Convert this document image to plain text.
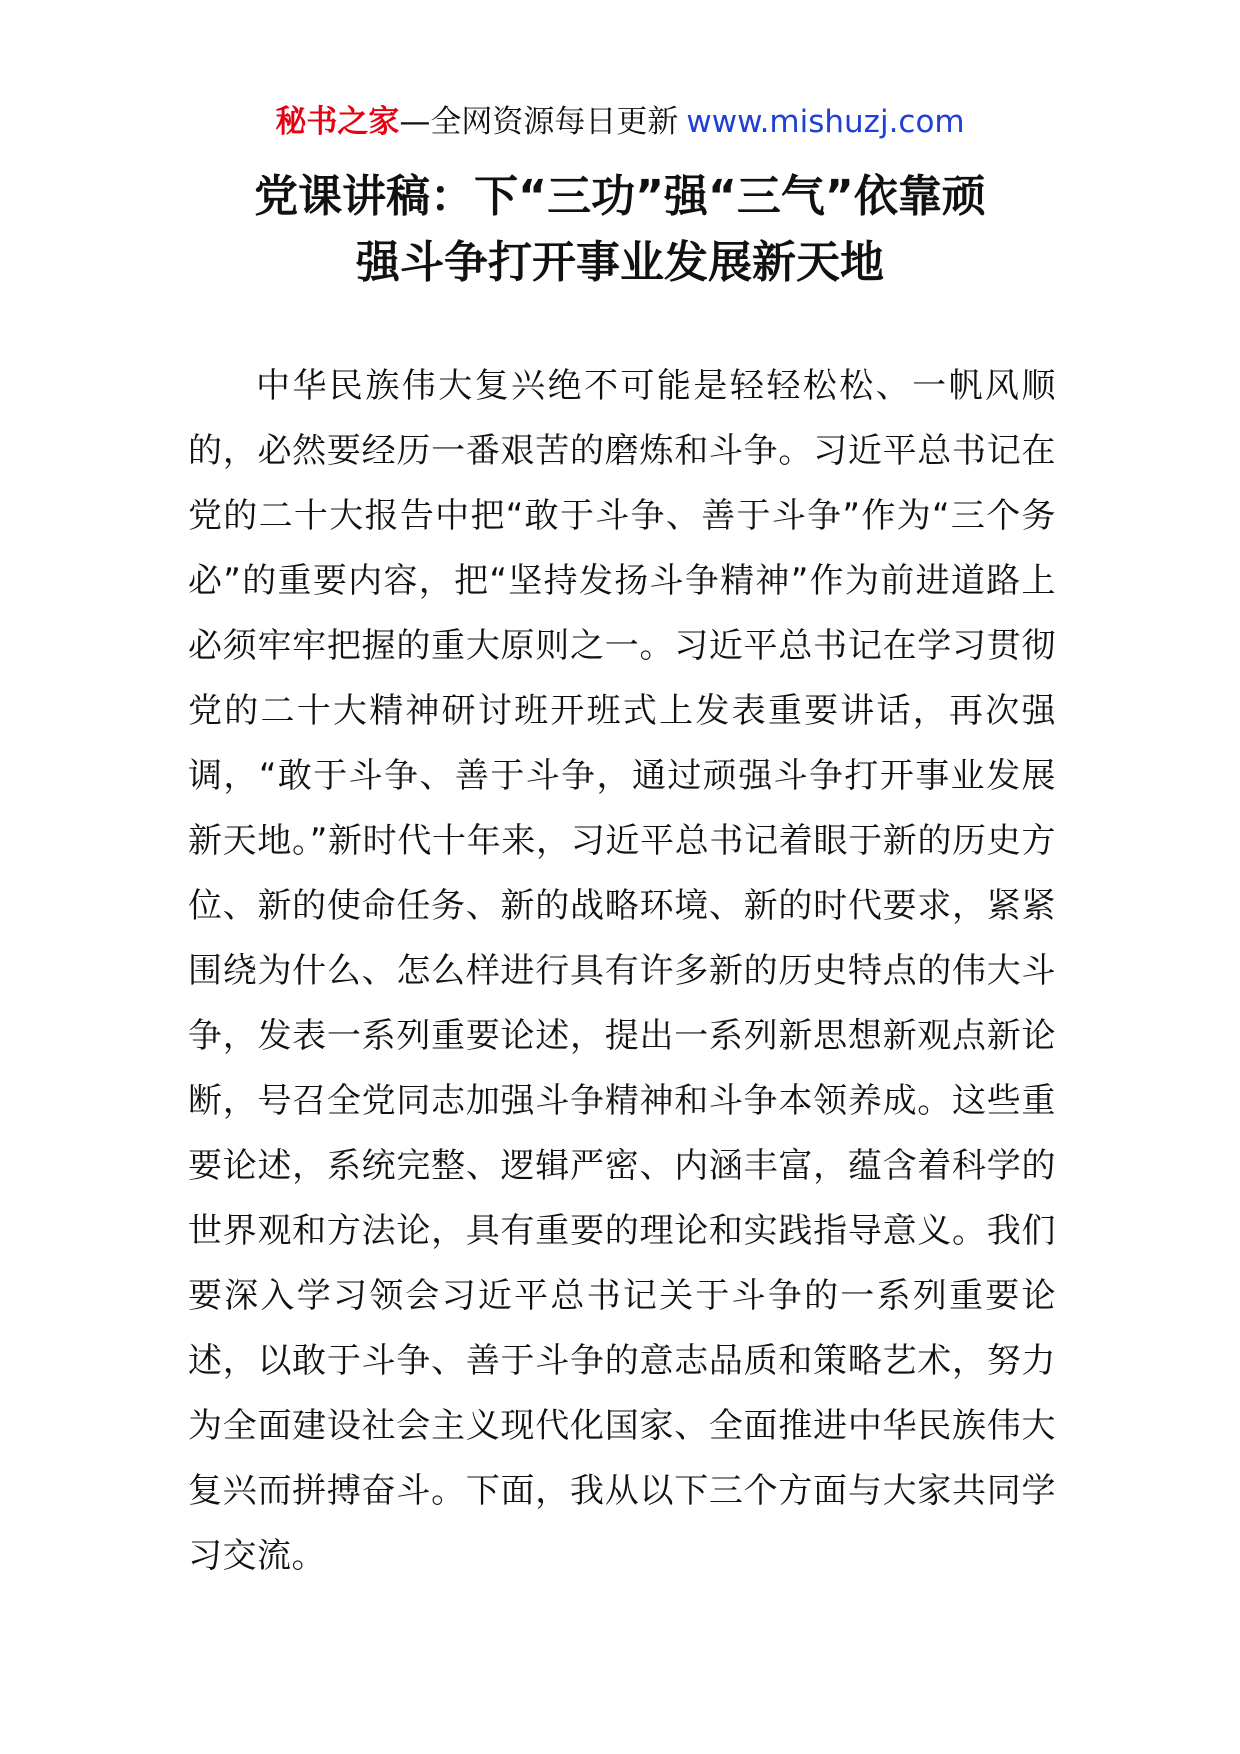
秘书之家—全网资源每日更新 www.mishuzj.com
党课讲稿：下“三功”强“三气”依靠顽
强斗争打开事业发展新天地

中华民族伟大复兴绝不可能是轻轻松松、一帆风顺的，必然要经历一番艰苦的磨炼和斗争。习近平总书记在党的二十大报告中把“敢于斗争、善于斗争”作为“三个务必”的重要内容，把“坚持发扬斗争精神”作为前进道路上必须牢牢把握的重大原则之一。习近平总书记在学习贯彻党的二十大精神研讨班开班式上发表重要讲话，再次强调，“敢于斗争、善于斗争，通过顽强斗争打开事业发展新天地。”新时代十年来，习近平总书记着眼于新的历史方位、新的使命任务、新的战略环境、新的时代要求，紧紧围绕为什么、怎么样进行具有许多新的历史特点的伟大斗争，发表一系列重要论述，提出一系列新思想新观点新论断，号召全党同志加强斗争精神和斗争本领养成。这些重要论述，系统完整、逻辑严密、内涵丰富，蕴含着科学的世界观和方法论，具有重要的理论和实践指导意义。我们要深入学习领会习近平总书记关于斗争的一系列重要论述，以敢于斗争、善于斗争的意志品质和策略艺术，努力为全面建设社会主义现代化国家、全面推进中华民族伟大复兴而拼搏奋斗。下面，我从以下三个方面与大家共同学习交流。
